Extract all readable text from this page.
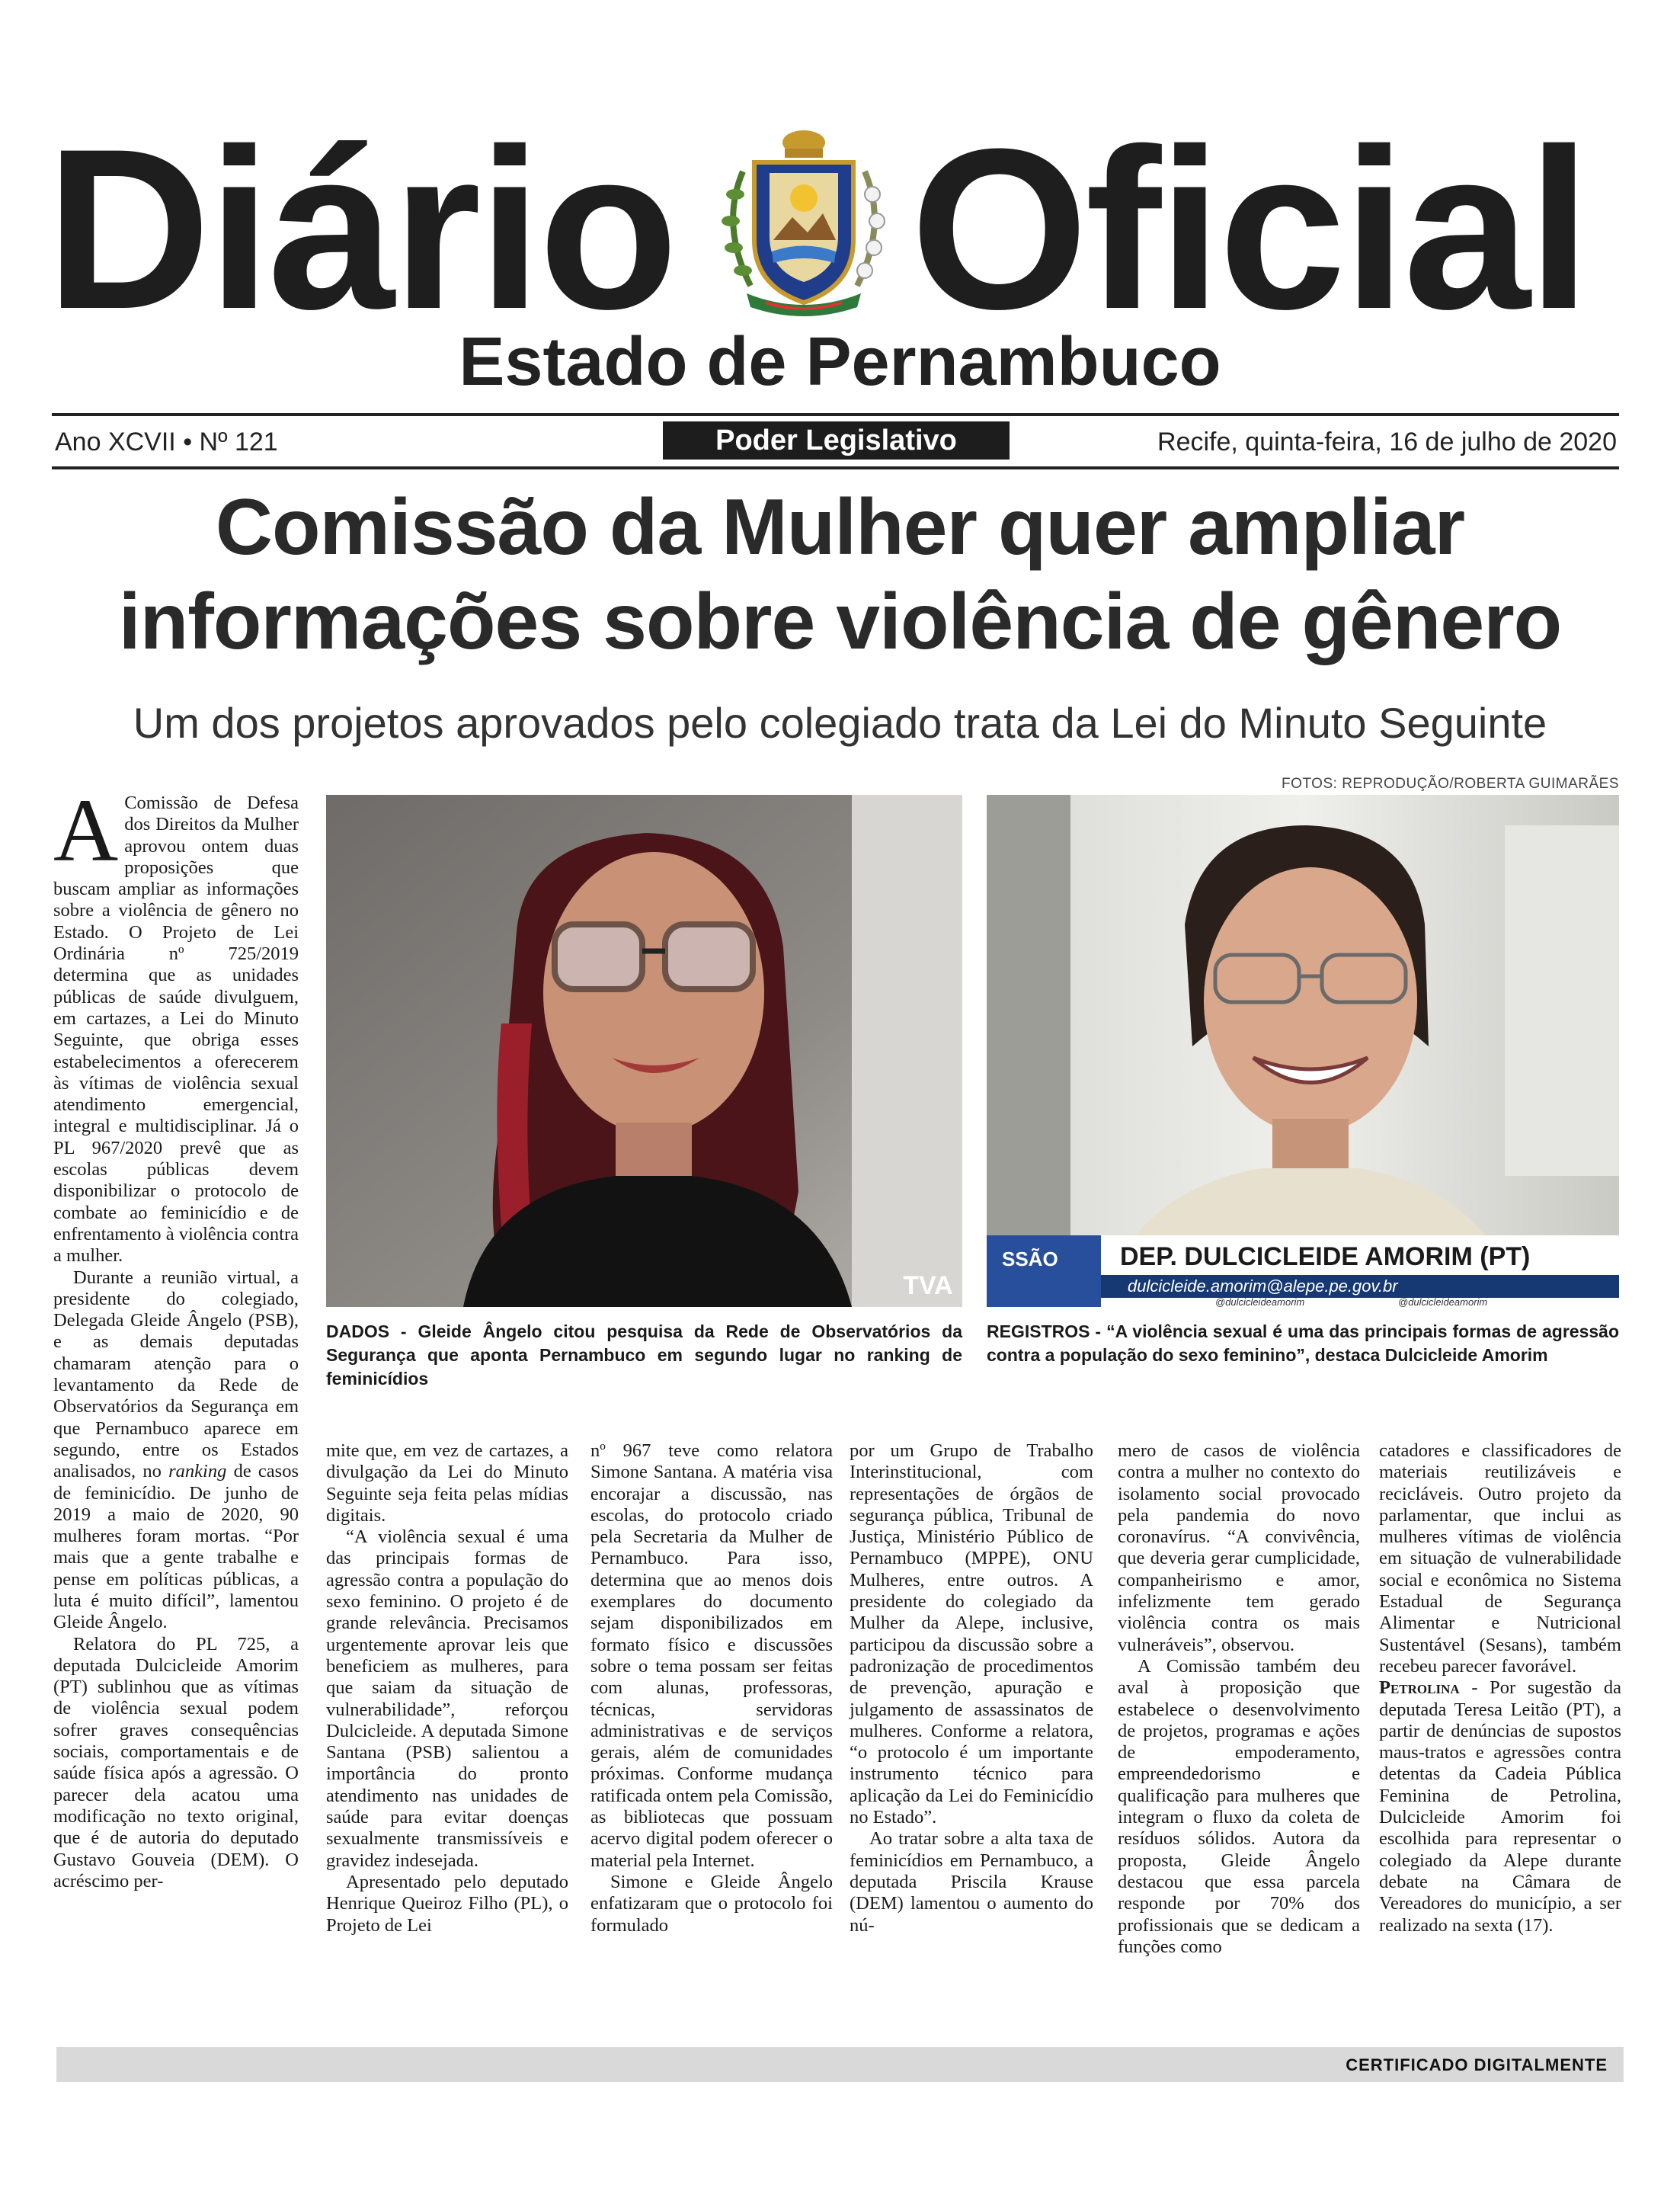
Diário Oficial
Estado de Pernambuco
Ano XCVII • Nº 121	Poder Legislativo	Recife, quinta-feira, 16 de julho de 2020
Comissão da Mulher quer ampliar
informações sobre violência de gênero
Um dos projetos aprovados pelo colegiado trata da Lei do Minuto Seguinte
FOTOS: REPRODUÇÃO/ROBERTA GUIMARÃES
TVA
SSÃO DEP. DULCICLEIDE AMORIM (PT)
dulcicleide.amorim@alepe.pe.gov.br
@dulcicleideamorim	@dulcicleideamorim
DADOS - Gleide Ângelo citou pesquisa da Rede de Observatórios da Segurança que aponta Pernambuco em segundo lugar no ranking de feminicídios
REGISTROS - “A violência sexual é uma das principais formas de agressão contra a população do sexo feminino”, destaca Dulcicleide Amorim

A Comissão de Defesa dos Direitos da Mulher aprovou ontem duas proposições que buscam ampliar as informações sobre a violência de gênero no Estado. O Projeto de Lei Ordinária nº 725/2019 determina que as unidades públicas de saúde divulguem, em cartazes, a Lei do Minuto Seguinte, que obriga esses estabelecimentos a oferecerem às vítimas de violência sexual atendimento emergencial, integral e multidisciplinar. Já o PL 967/2020 prevê que as escolas públicas devem disponibilizar o protocolo de combate ao feminicídio e de enfrentamento à violência contra a mulher.

Durante a reunião virtual, a presidente do colegiado, Delegada Gleide Ângelo (PSB), e as demais deputadas chamaram atenção para o levantamento da Rede de Observatórios da Segurança em que Pernambuco aparece em segundo, entre os Estados analisados, no ranking de casos de feminicídio. De junho de 2019 a maio de 2020, 90 mulheres foram mortas. “Por mais que a gente trabalhe e pense em políticas públicas, a luta é muito difícil”, lamentou Gleide Ângelo.

Relatora do PL 725, a deputada Dulcicleide Amorim (PT) sublinhou que as vítimas de violência sexual podem sofrer graves consequências sociais, comportamentais e de saúde física após a agressão. O parecer dela acatou uma modificação no texto original, que é de autoria do deputado Gustavo Gouveia (DEM). O acréscimo per-

mite que, em vez de cartazes, a divulgação da Lei do Minuto Seguinte seja feita pelas mídias digitais.

“A violência sexual é uma das principais formas de agressão contra a população do sexo feminino. O projeto é de grande relevância. Precisamos urgentemente aprovar leis que beneficiem as mulheres, para que saiam da situação de vulnerabilidade”, reforçou Dulcicleide. A deputada Simone Santana (PSB) salientou a importância do pronto atendimento nas unidades de saúde para evitar doenças sexualmente transmissíveis e gravidez indesejada.

Apresentado pelo deputado Henrique Queiroz Filho (PL), o Projeto de Lei

nº 967 teve como relatora Simone Santana. A matéria visa encorajar a discussão, nas escolas, do protocolo criado pela Secretaria da Mulher de Pernambuco. Para isso, determina que ao menos dois exemplares do documento sejam disponibilizados em formato físico e discussões sobre o tema possam ser feitas com alunas, professoras, técnicas, servidoras administrativas e de serviços gerais, além de comunidades próximas. Conforme mudança ratificada ontem pela Comissão, as bibliotecas que possuam acervo digital podem oferecer o material pela Internet.

Simone e Gleide Ângelo enfatizaram que o protocolo foi formulado

por um Grupo de Trabalho Interinstitucional, com representações de órgãos de segurança pública, Tribunal de Justiça, Ministério Público de Pernambuco (MPPE), ONU Mulheres, entre outros. A presidente do colegiado da Mulher da Alepe, inclusive, participou da discussão sobre a padronização de procedimentos de prevenção, apuração e julgamento de assassinatos de mulheres. Conforme a relatora, “o protocolo é um importante instrumento técnico para aplicação da Lei do Feminicídio no Estado”.

Ao tratar sobre a alta taxa de feminicídios em Pernambuco, a deputada Priscila Krause (DEM) lamentou o aumento do nú-

mero de casos de violência contra a mulher no contexto do isolamento social provocado pela pandemia do novo coronavírus. “A convivência, que deveria gerar cumplicidade, companheirismo e amor, infelizmente tem gerado violência contra os mais vulneráveis”, observou.

A Comissão também deu aval à proposição que estabelece o desenvolvimento de projetos, programas e ações de empoderamento, empreendedorismo e qualificação para mulheres que integram o fluxo da coleta de resíduos sólidos. Autora da proposta, Gleide Ângelo destacou que essa parcela responde por 70% dos profissionais que se dedicam a funções como

catadores e classificadores de materiais reutilizáveis e recicláveis. Outro projeto da parlamentar, que inclui as mulheres vítimas de violência em situação de vulnerabilidade social e econômica no Sistema Estadual de Segurança Alimentar e Nutricional Sustentável (Sesans), também recebeu parecer favorável.

Petrolina - Por sugestão da deputada Teresa Leitão (PT), a partir de denúncias de supostos maus-tratos e agressões contra detentas da Cadeia Pública Feminina de Petrolina, Dulcicleide Amorim foi escolhida para representar o colegiado da Alepe durante debate na Câmara de Vereadores do município, a ser realizado na sexta (17).

CERTIFICADO DIGITALMENTE
